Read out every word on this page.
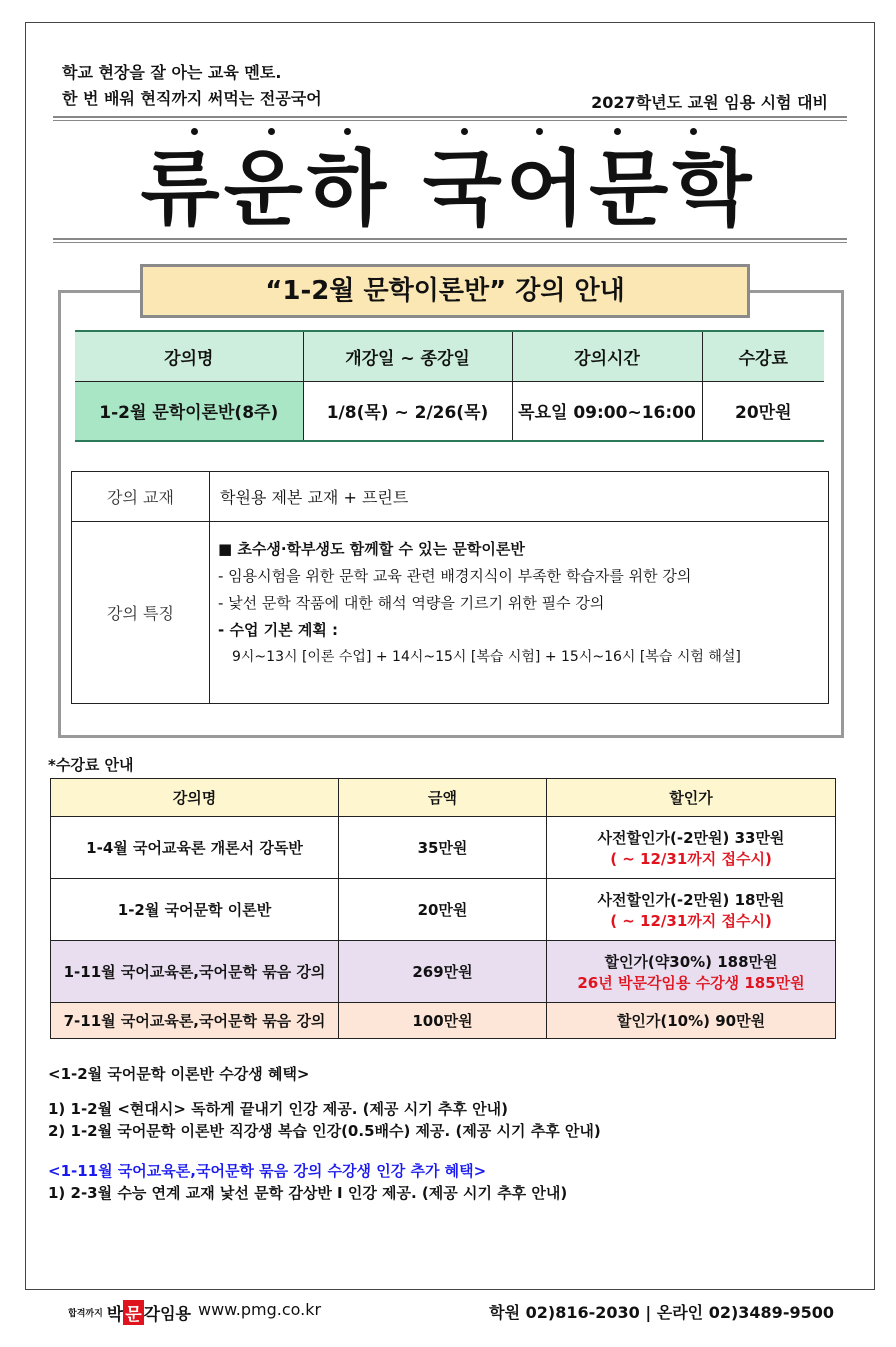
학교 현장을 잘 아는 교육 멘토.
한 번 배워 현직까지 써먹는 전공국어	2027학년도 교원 임용 시험 대비
류운하 국어문학
“1-2월 문학이론반” 강의 안내
강의명	개강일 ~ 종강일	강의시간	수강료
1-2월 문학이론반(8주)	1/8(목) ~ 2/26(목)	목요일 09:00~16:00	20만원
강의 교재	학원용 제본 교재 + 프린트
강의 특징	■ 초수생·학부생도 함께할 수 있는 문학이론반
- 임용시험을 위한 문학 교육 관련 배경지식이 부족한 학습자를 위한 강의
- 낯선 문학 작품에 대한 해석 역량을 기르기 위한 필수 강의
- 수업 기본 계획 :
9시~13시 [이론 수업] + 14시~15시 [복습 시험] + 15시~16시 [복습 시험 해설]
*수강료 안내
강의명	금액	할인가
1-4월 국어교육론 개론서 강독반	35만원	사전할인가(-2만원) 33만원
( ~ 12/31까지 접수시)

1-2월 국어문학 이론반	20만원	사전할인가(-2만원) 18만원
( ~ 12/31까지 접수시)

1-11월 국어교육론,국어문학 묶음 강의	269만원	할인가(약30%) 188만원
26년 박문각임용 수강생 185만원

7-11월 국어교육론,국어문학 묶음 강의	100만원	할인가(10%) 90만원
<1-2월 국어문학 이론반 수강생 혜택>
1) 1-2월 <현대시> 독하게 끝내기 인강 제공. (제공 시기 추후 안내)
2) 1-2월 국어문학 이론반 직강생 복습 인강(0.5배수) 제공. (제공 시기 추후 안내)
<1-11월 국어교육론,국어문학 묶음 강의 수강생 인강 추가 혜택>
1) 2-3월 수능 연계 교재 낯선 문학 감상반 I 인강 제공. (제공 시기 추후 안내)
합격까지 박 문 각 임용 www.pmg.co.kr	학원 02)816-2030 | 온라인 02)3489-9500
